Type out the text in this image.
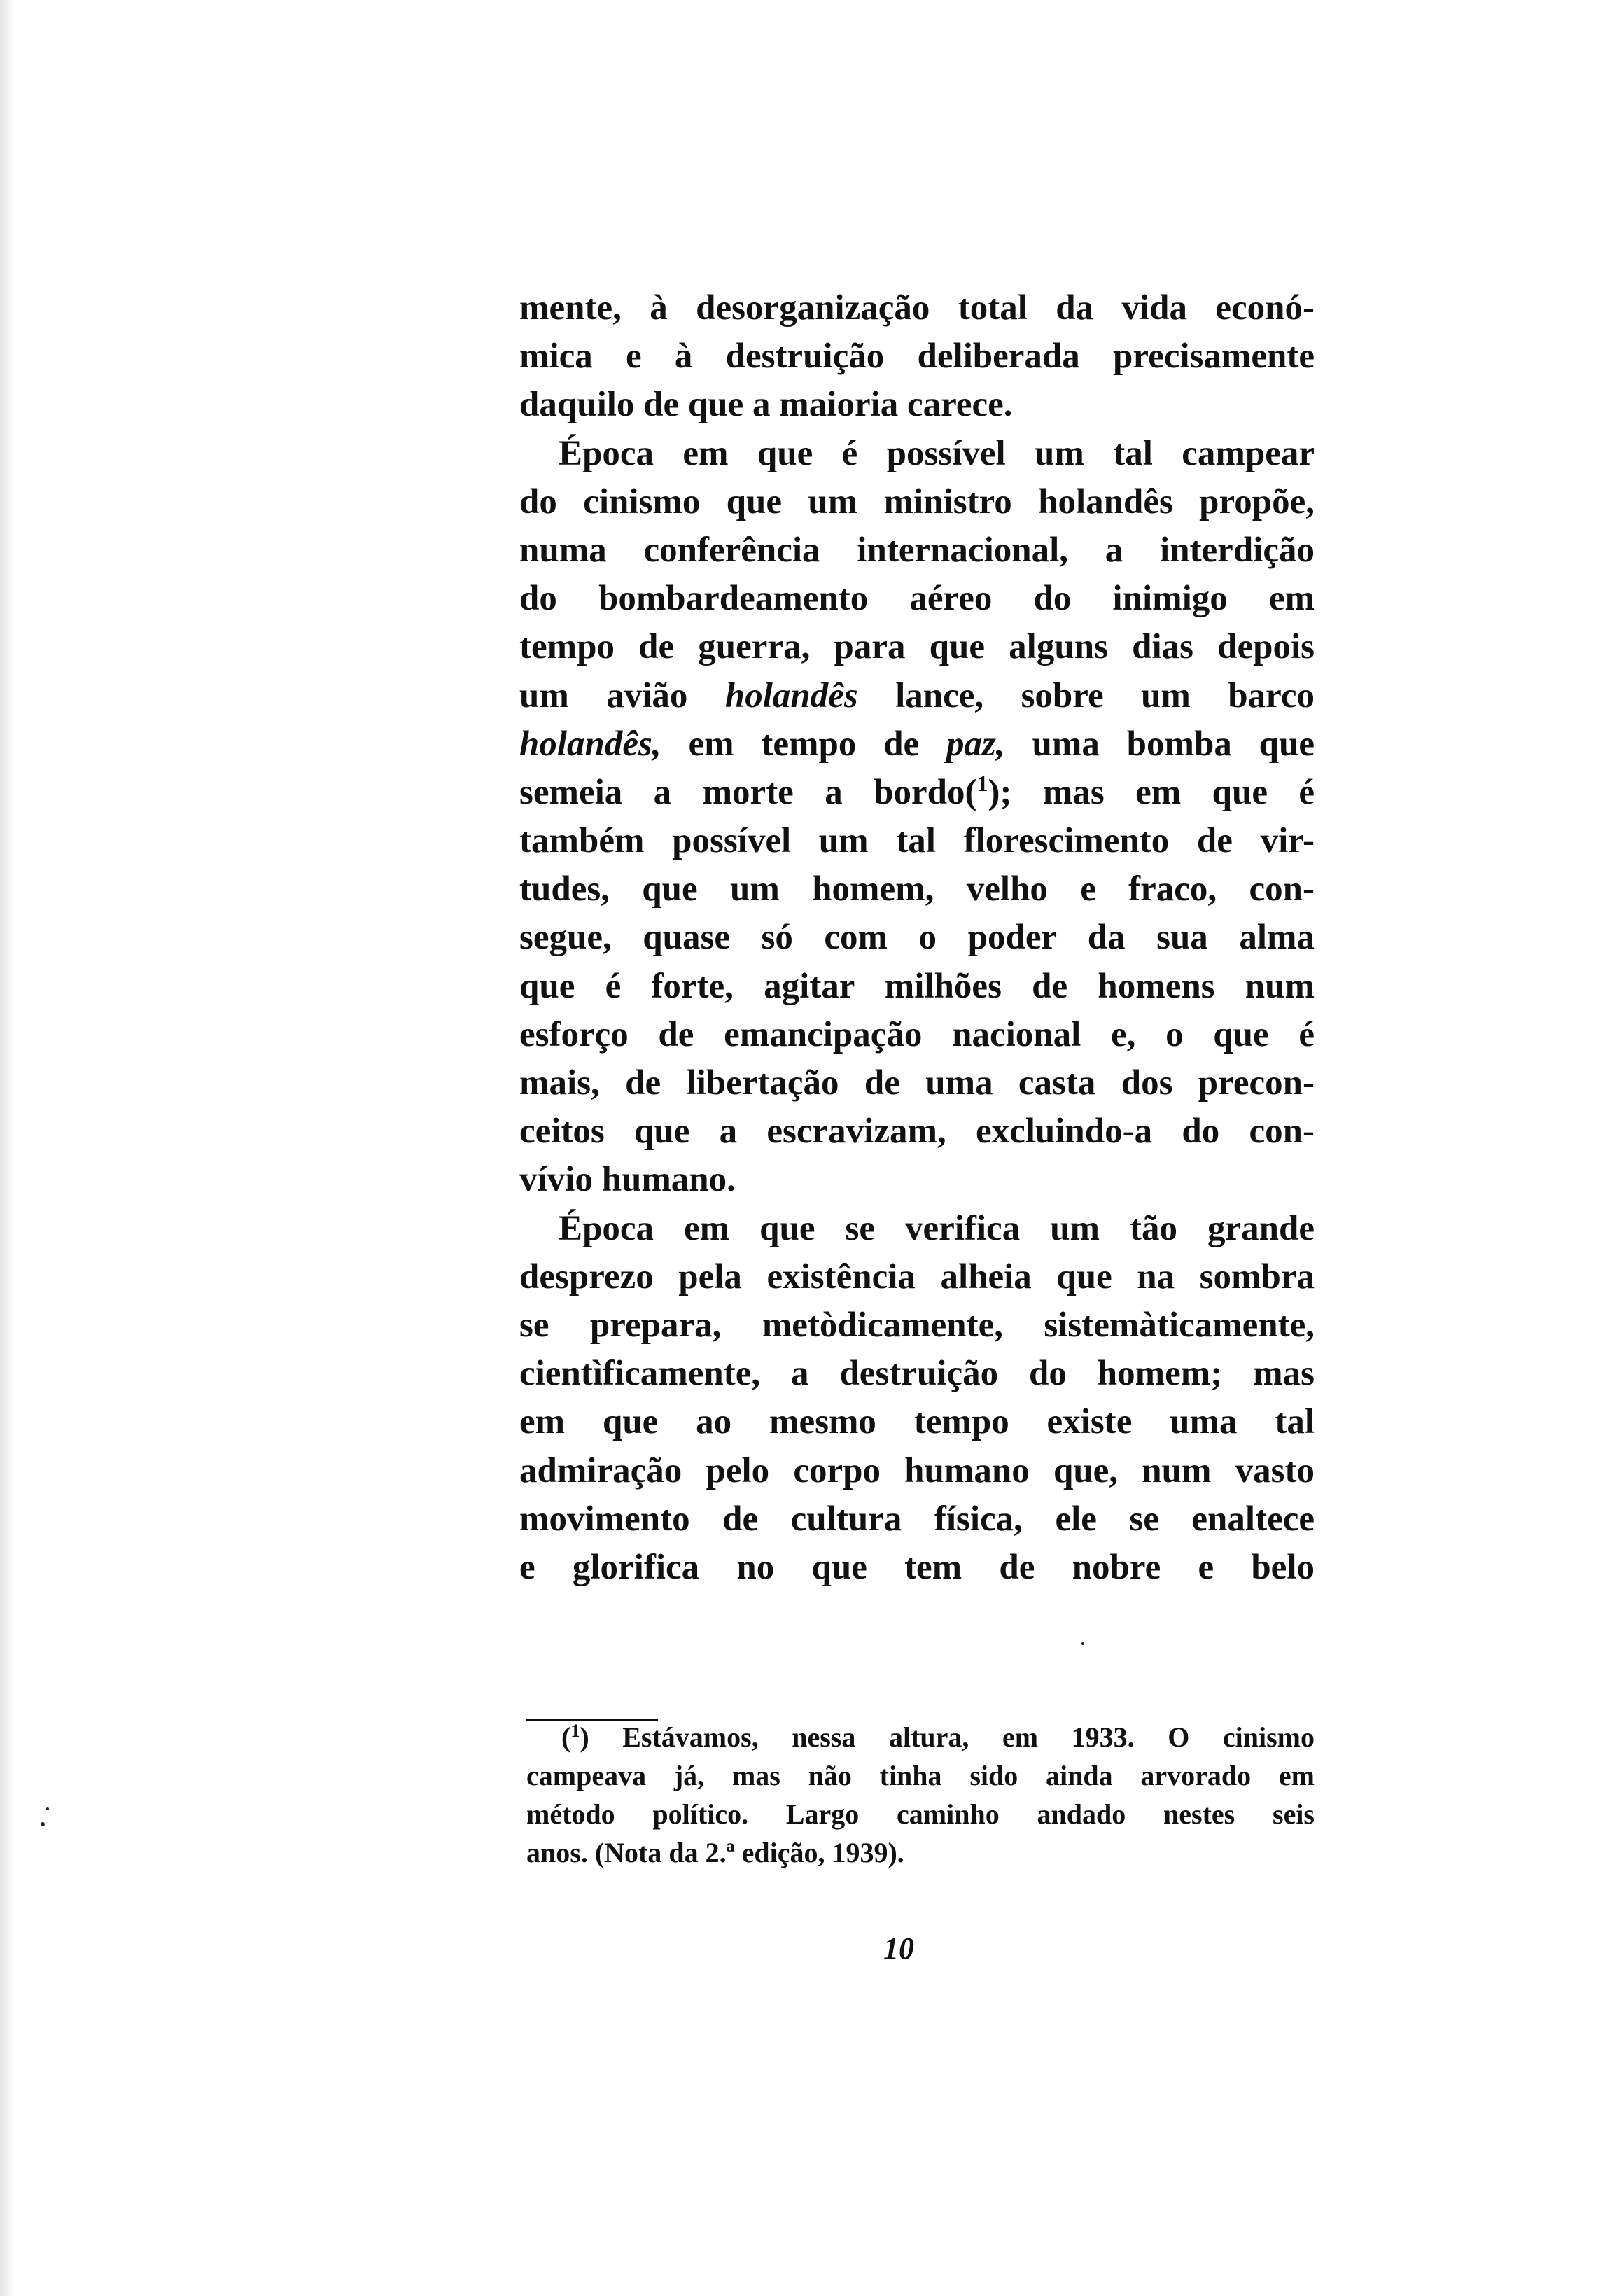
mente, à desorganização total da vida econó-
mica e à destruição deliberada precisamente
daquilo de que a maioria carece.
Época em que é possível um tal campear
do cinismo que um ministro holandês propõe,
numa conferência internacional, a interdição
do bombardeamento aéreo do inimigo em
tempo de guerra, para que alguns dias depois
um avião holandês lance, sobre um barco
holandês, em tempo de paz, uma bomba que
semeia a morte a bordo($^1$); mas em que é
também possível um tal florescimento de vir-
tudes, que um homem, velho e fraco, con-
segue, quase só com o poder da sua alma
que é forte, agitar milhões de homens num
esforço de emancipação nacional e, o que é
mais, de libertação de uma casta dos precon-
ceitos que a escravizam, excluindo-a do con-
vívio humano.
Época em que se verifica um tão grande
desprezo pela existência alheia que na sombra
se prepara, metòdicamente, sistemàticamente,
cientìficamente, a destruição do homem; mas
em que ao mesmo tempo existe uma tal
admiração pelo corpo humano que, num vasto
movimento de cultura física, ele se enaltece
e glorifica no que tem de nobre e belo
($^1$) Estávamos, nessa altura, em 1933. O cinismo
campeava já, mas não tinha sido ainda arvorado em
método político. Largo caminho andado nestes seis
anos. (Nota da 2.ª edição, 1939).
10
